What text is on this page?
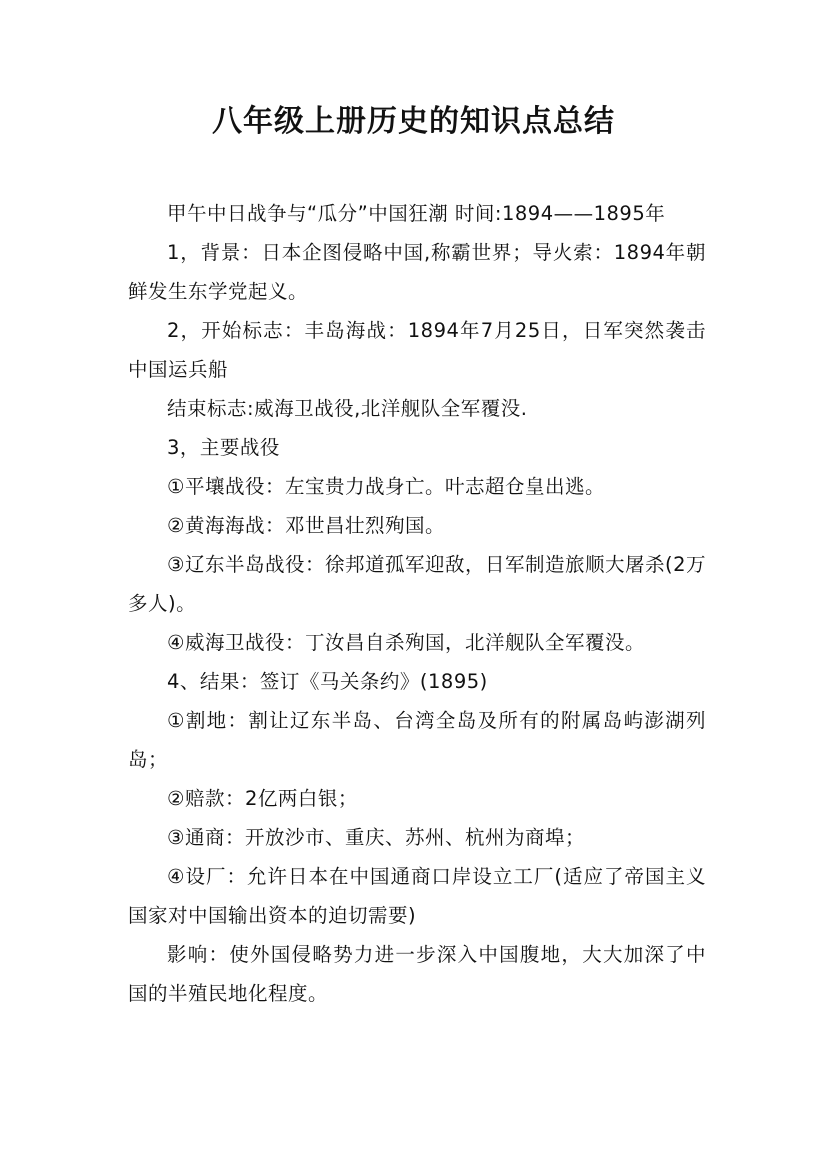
八年级上册历史的知识点总结

甲午中日战争与“瓜分”中国狂潮 时间:1894——1895年

1，背景：日本企图侵略中国,称霸世界；导火索：1894年朝鲜发生东学党起义。

2，开始标志：丰岛海战：1894年7月25日，日军突然袭击中国运兵船

结束标志:威海卫战役,北洋舰队全军覆没.

3，主要战役

①平壤战役：左宝贵力战身亡。叶志超仓皇出逃。

②黄海海战：邓世昌壮烈殉国。

③辽东半岛战役：徐邦道孤军迎敌，日军制造旅顺大屠杀(2万多人)。

④威海卫战役：丁汝昌自杀殉国，北洋舰队全军覆没。

4、结果：签订《马关条约》(1895)

①割地：割让辽东半岛、台湾全岛及所有的附属岛屿澎湖列岛；

②赔款：2亿两白银；

③通商：开放沙市、重庆、苏州、杭州为商埠；

④设厂：允许日本在中国通商口岸设立工厂(适应了帝国主义国家对中国输出资本的迫切需要)

影响：使外国侵略势力进一步深入中国腹地，大大加深了中国的半殖民地化程度。
